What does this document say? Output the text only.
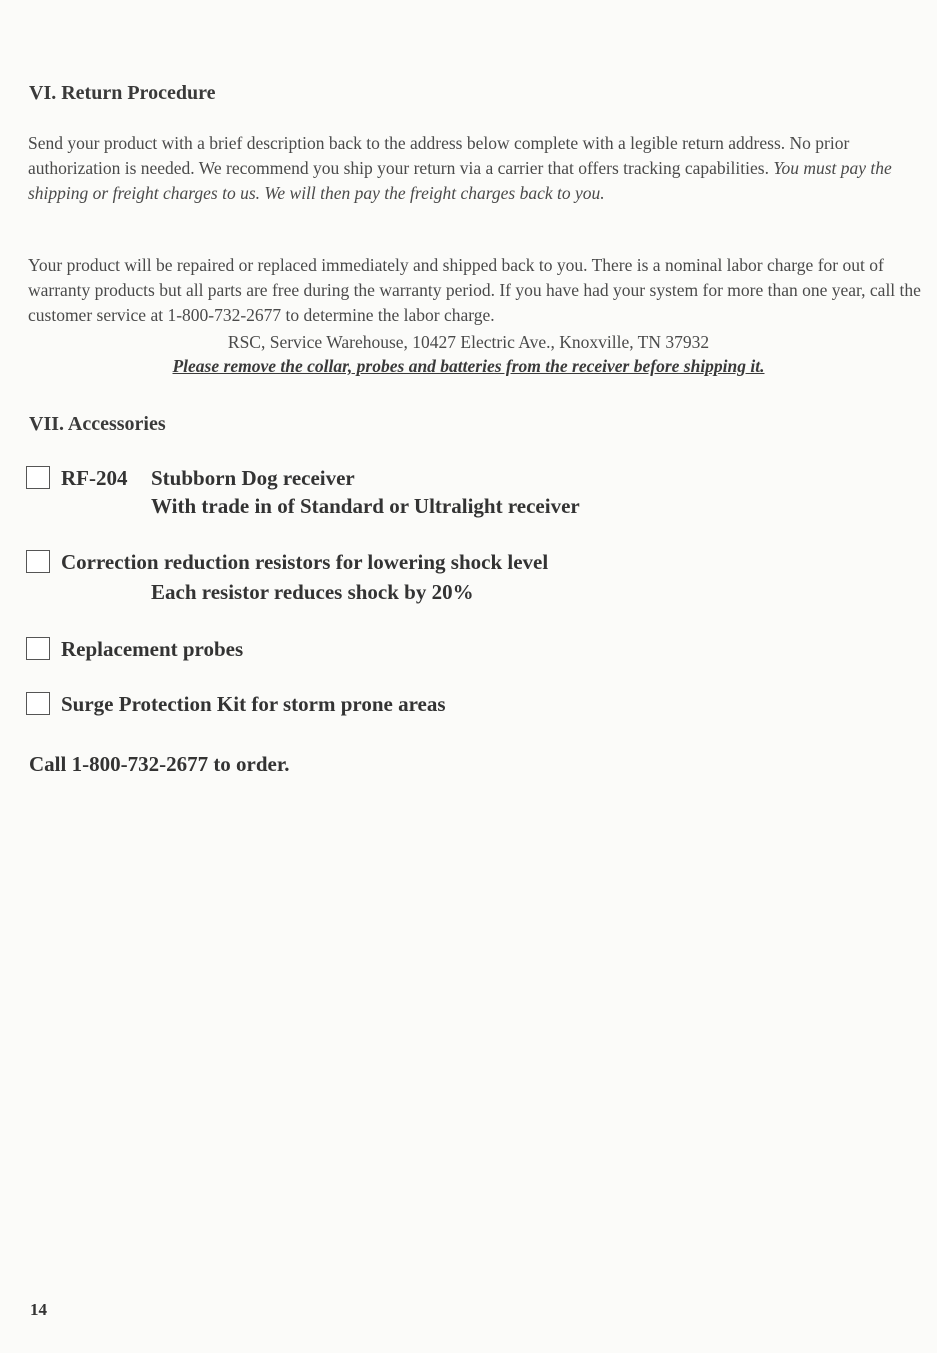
VI. Return Procedure
Send your product with a brief description back to the address below complete with a legible return address. No prior authorization is needed. We recommend you ship your return via a carrier that offers tracking capabilities. You must pay the shipping or freight charges to us. We will then pay the freight charges back to you.
Your product will be repaired or replaced immediately and shipped back to you. There is a nominal labor charge for out of warranty products but all parts are free during the warranty period. If you have had your system for more than one year, call the customer service at 1-800-732-2677 to determine the labor charge.
RSC, Service Warehouse, 10427 Electric Ave., Knoxville, TN 37932
Please remove the collar, probes and batteries from the receiver before shipping it.
VII. Accessories
RF-204 Stubborn Dog receiver
With trade in of Standard or Ultralight receiver
Correction reduction resistors for lowering shock level
Each resistor reduces shock by 20%
Replacement probes
Surge Protection Kit for storm prone areas
Call 1-800-732-2677 to order.
14
